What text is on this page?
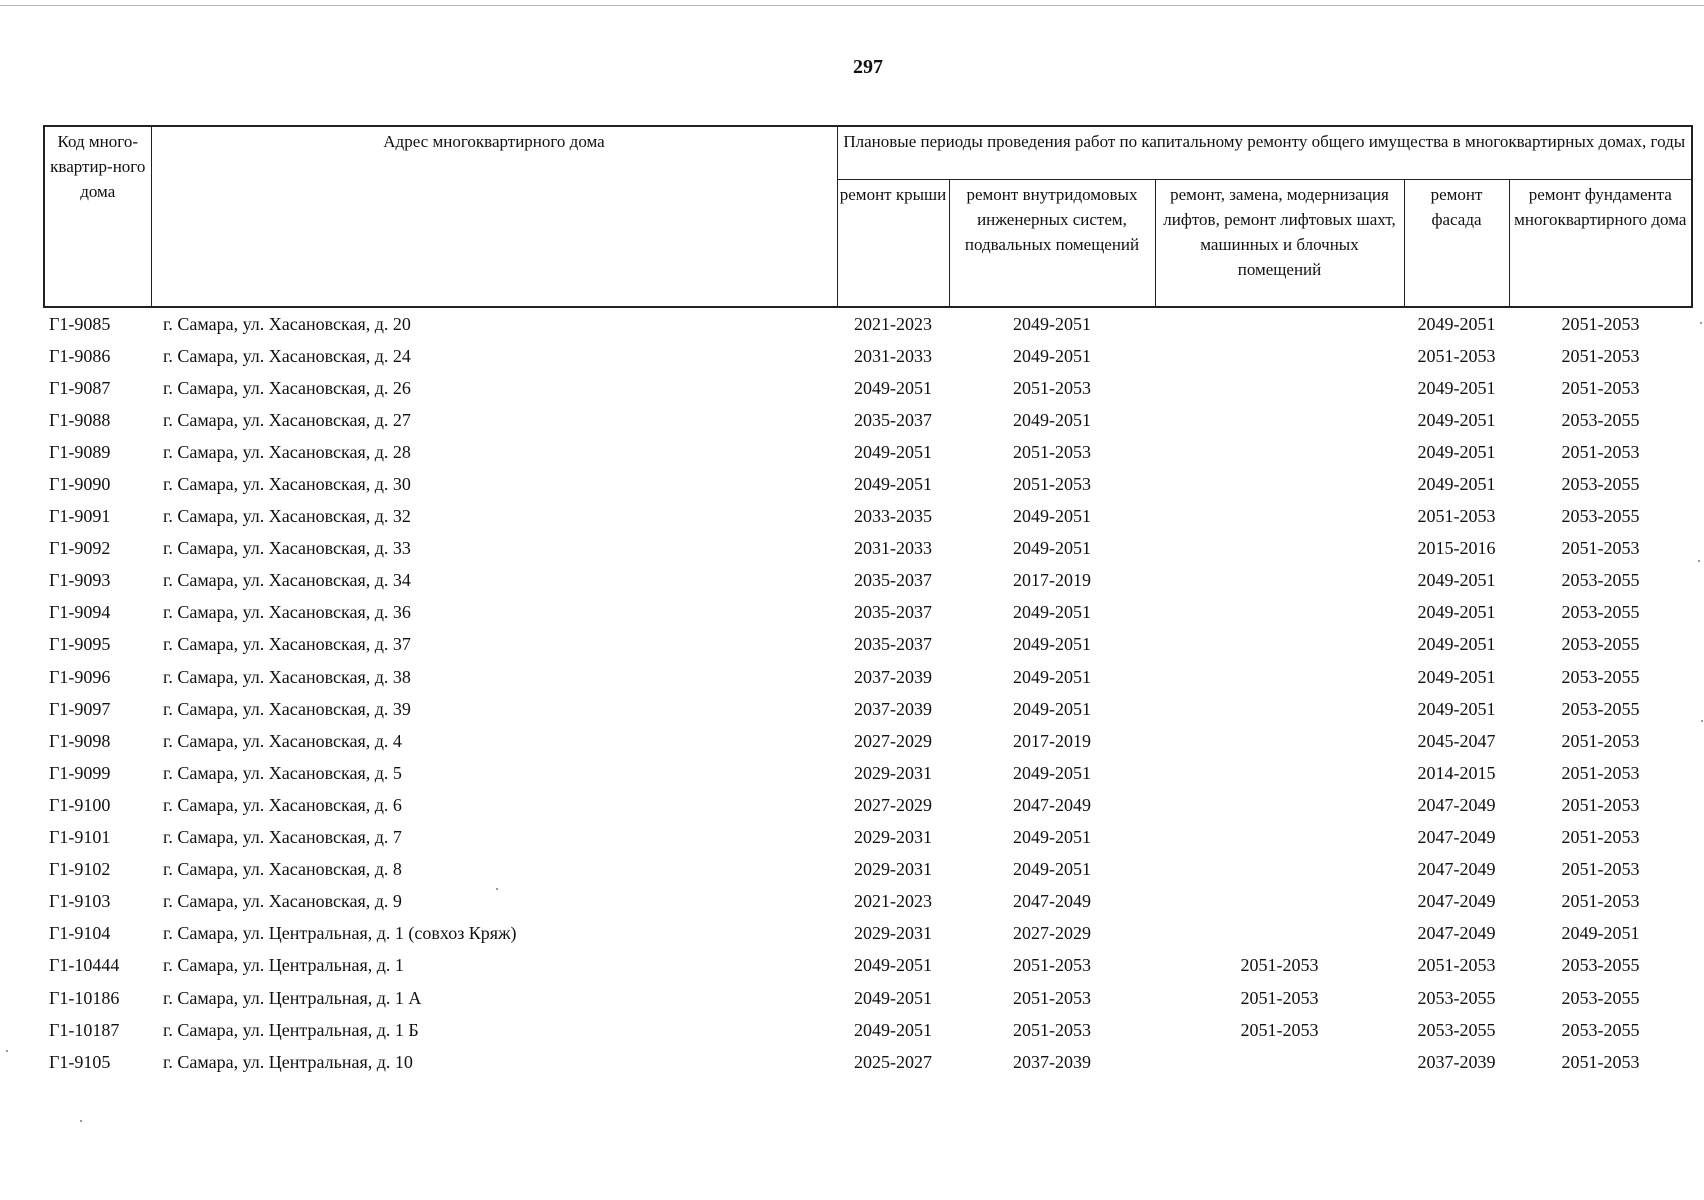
297
Код много-квартир-ного дома	Адрес многоквартирного дома	Плановые периоды проведения работ по капитальному ремонту общего имущества в многоквартирных домах, годы				
		ремонт крыши	ремонт внутридомовых инженерных систем, подвальных помещений	ремонт, замена, модернизация лифтов, ремонт лифтовых шахт, машинных и блочных помещений	ремонт фасада	ремонт фундамента многоквартирного дома
Г1-9085	г. Самара, ул. Хасановская, д. 20	2021-2023	2049-2051		2049-2051	2051-2053
Г1-9086	г. Самара, ул. Хасановская, д. 24	2031-2033	2049-2051		2051-2053	2051-2053
Г1-9087	г. Самара, ул. Хасановская, д. 26	2049-2051	2051-2053		2049-2051	2051-2053
Г1-9088	г. Самара, ул. Хасановская, д. 27	2035-2037	2049-2051		2049-2051	2053-2055
Г1-9089	г. Самара, ул. Хасановская, д. 28	2049-2051	2051-2053		2049-2051	2051-2053
Г1-9090	г. Самара, ул. Хасановская, д. 30	2049-2051	2051-2053		2049-2051	2053-2055
Г1-9091	г. Самара, ул. Хасановская, д. 32	2033-2035	2049-2051		2051-2053	2053-2055
Г1-9092	г. Самара, ул. Хасановская, д. 33	2031-2033	2049-2051		2015-2016	2051-2053
Г1-9093	г. Самара, ул. Хасановская, д. 34	2035-2037	2017-2019		2049-2051	2053-2055
Г1-9094	г. Самара, ул. Хасановская, д. 36	2035-2037	2049-2051		2049-2051	2053-2055
Г1-9095	г. Самара, ул. Хасановская, д. 37	2035-2037	2049-2051		2049-2051	2053-2055
Г1-9096	г. Самара, ул. Хасановская, д. 38	2037-2039	2049-2051		2049-2051	2053-2055
Г1-9097	г. Самара, ул. Хасановская, д. 39	2037-2039	2049-2051		2049-2051	2053-2055
Г1-9098	г. Самара, ул. Хасановская, д. 4	2027-2029	2017-2019		2045-2047	2051-2053
Г1-9099	г. Самара, ул. Хасановская, д. 5	2029-2031	2049-2051		2014-2015	2051-2053
Г1-9100	г. Самара, ул. Хасановская, д. 6	2027-2029	2047-2049		2047-2049	2051-2053
Г1-9101	г. Самара, ул. Хасановская, д. 7	2029-2031	2049-2051		2047-2049	2051-2053
Г1-9102	г. Самара, ул. Хасановская, д. 8	2029-2031	2049-2051		2047-2049	2051-2053
Г1-9103	г. Самара, ул. Хасановская, д. 9	2021-2023	2047-2049		2047-2049	2051-2053
Г1-9104	г. Самара, ул. Центральная, д. 1 (совхоз Кряж)	2029-2031	2027-2029		2047-2049	2049-2051
Г1-10444	г. Самара, ул. Центральная, д. 1	2049-2051	2051-2053	2051-2053	2051-2053	2053-2055
Г1-10186	г. Самара, ул. Центральная, д. 1 А	2049-2051	2051-2053	2051-2053	2053-2055	2053-2055
Г1-10187	г. Самара, ул. Центральная, д. 1 Б	2049-2051	2051-2053	2051-2053	2053-2055	2053-2055
Г1-9105	г. Самара, ул. Центральная, д. 10	2025-2027	2037-2039		2037-2039	2051-2053
